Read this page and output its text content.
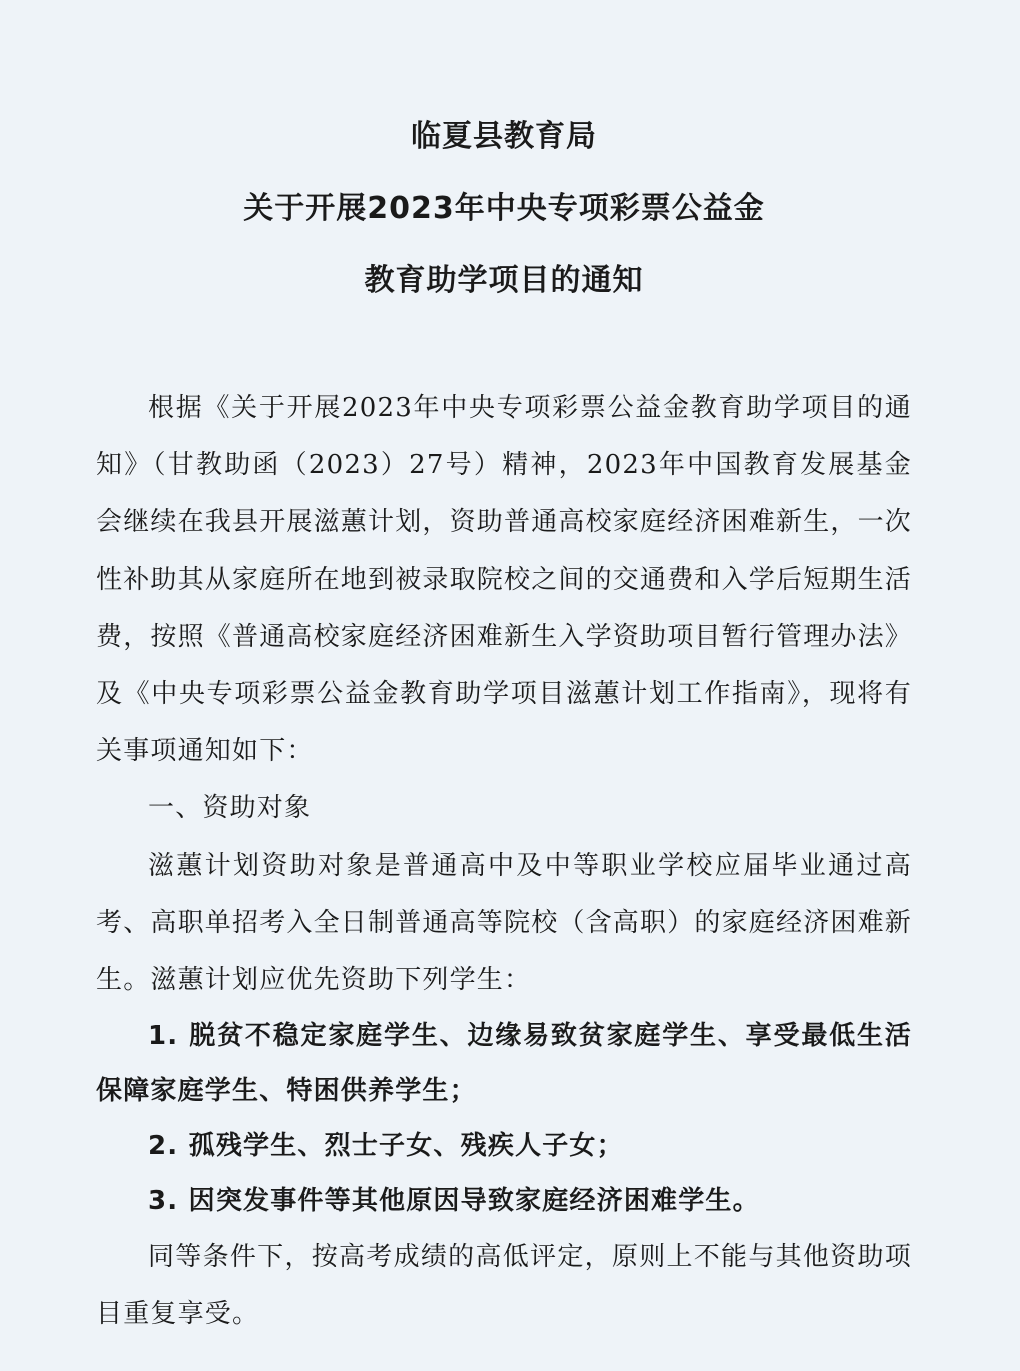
临夏县教育局

关于开展2023年中央专项彩票公益金

教育助学项目的通知

根据《关于开展2023年中央专项彩票公益金教育助学项目的通知》（甘教助函（2023）27号）精神，2023年中国教育发展基金会继续在我县开展滋蕙计划，资助普通高校家庭经济困难新生，一次性补助其从家庭所在地到被录取院校之间的交通费和入学后短期生活费，按照《普通高校家庭经济困难新生入学资助项目暂行管理办法》及《中央专项彩票公益金教育助学项目滋蕙计划工作指南》，现将有关事项通知如下：

一、资助对象

滋蕙计划资助对象是普通高中及中等职业学校应届毕业通过高考、高职单招考入全日制普通高等院校（含高职）的家庭经济困难新生。滋蕙计划应优先资助下列学生：

1. 脱贫不稳定家庭学生、边缘易致贫家庭学生、享受最低生活保障家庭学生、特困供养学生；

2. 孤残学生、烈士子女、残疾人子女；

3. 因突发事件等其他原因导致家庭经济困难学生。

同等条件下，按高考成绩的高低评定，原则上不能与其他资助项目重复享受。
